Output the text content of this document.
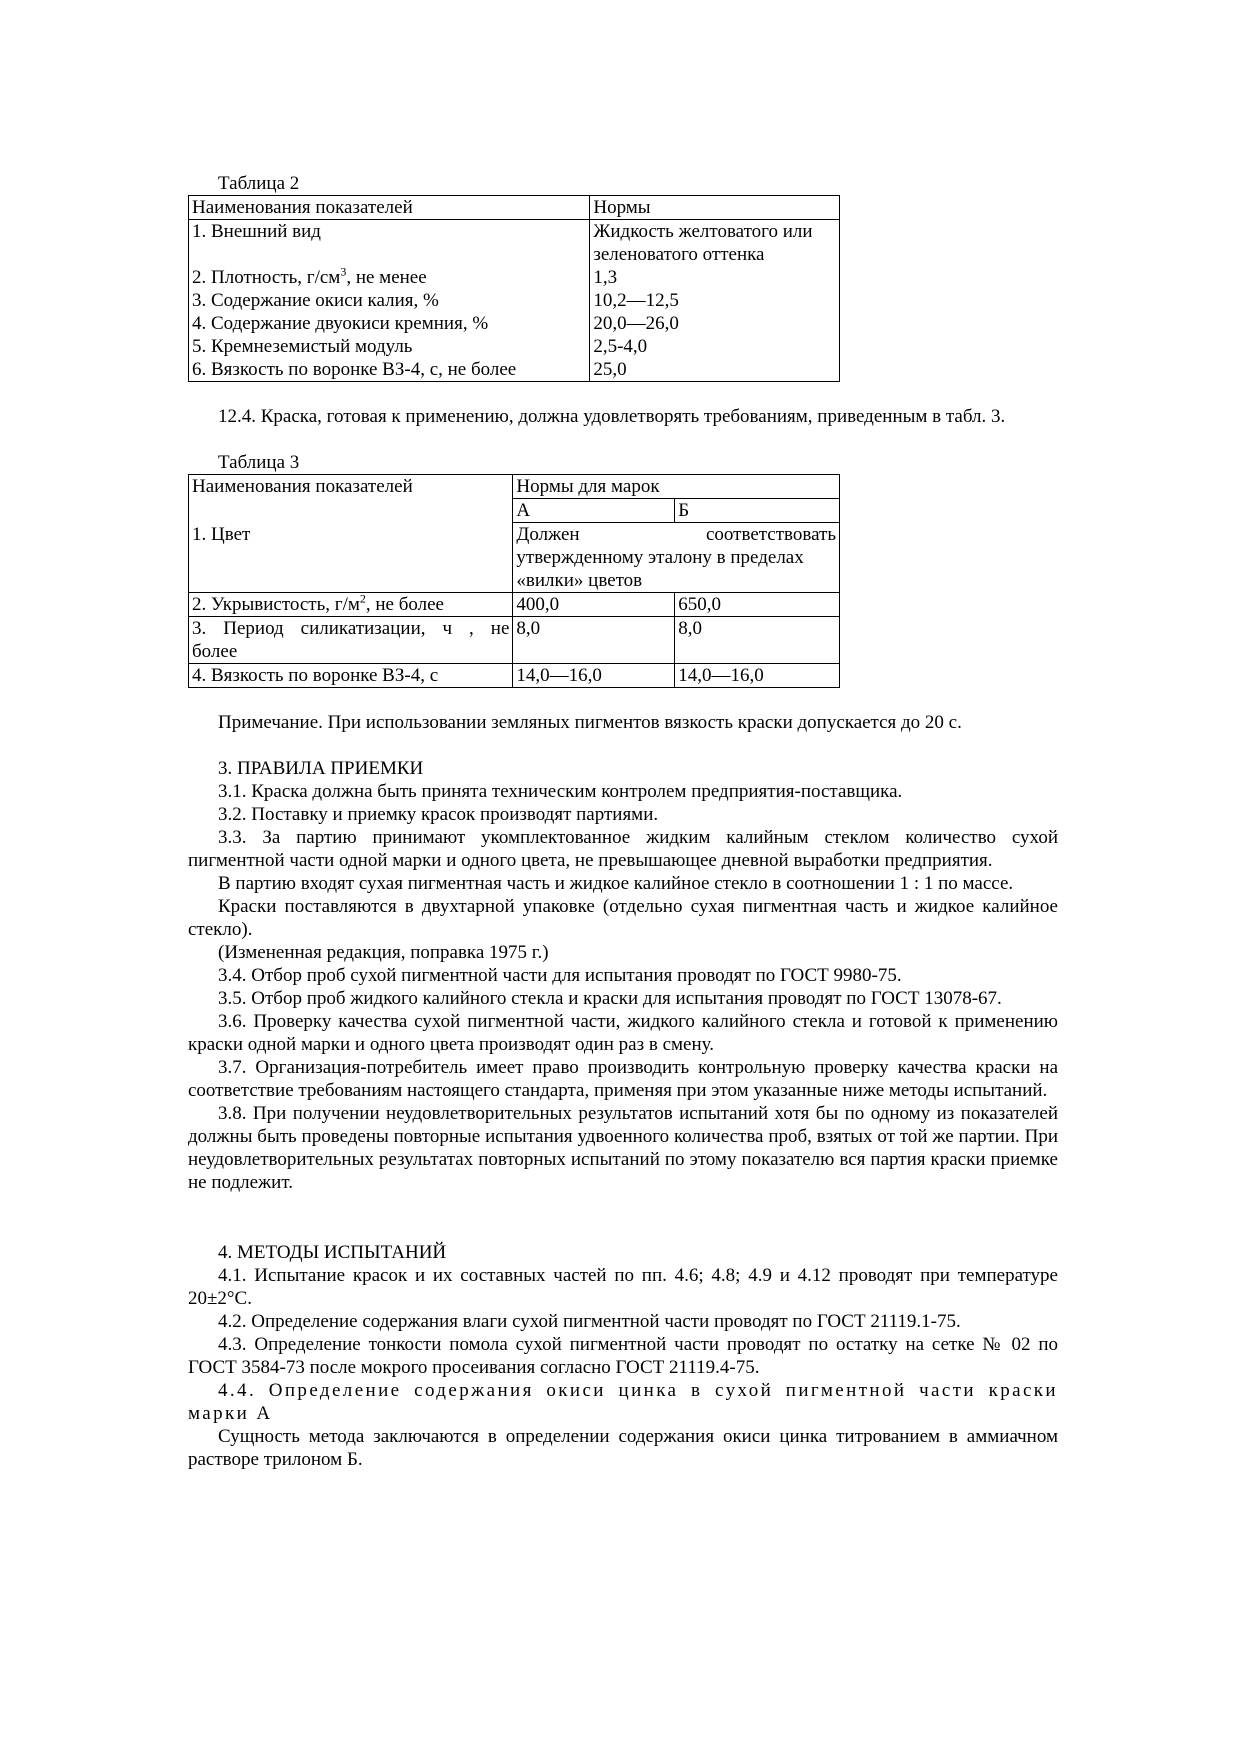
Таблица 2

Наименования показателей	Нормы
1. Внешний вид	Жидкость желтоватого или
зеленоватого оттенка
2. Плотность, $г/см^3$, не менее	1,3
3. Содержание окиси калия, %	10,2—12,5
4. Содержание двуокиси кремния, %	20,0—26,0
5. Кремнеземистый модуль	2,5-4,0
6. Вязкость по воронке ВЗ-4, с, не более	25,0

12.4. Краска, готовая к применению, должна удовлетворять требованиям, приведенным в табл. 3.

Таблица 3

Наименования показателей	Нормы для марок	
	А	Б
1. Цвет	Должен соответствовать
утвержденному эталону в пределах
«вилки» цветов	

2. Укрывистость, $г/м^2$, не более	400,0	650,0
3. Период силикатизации, ч , не более	8,0	8,0
4. Вязкость по воронке ВЗ-4, с	14,0—16,0	14,0—16,0

Примечание. При использовании земляных пигментов вязкость краски допускается до 20 с.

3. ПРАВИЛА ПРИЕМКИ

3.1. Краска должна быть принята техническим контролем предприятия-поставщика.

3.2. Поставку и приемку красок производят партиями.

3.3. За партию принимают укомплектованное жидким калийным стеклом количество сухой пигментной части одной марки и одного цвета, не превышающее дневной выработки предприятия.

В партию входят сухая пигментная часть и жидкое калийное стекло в соотношении 1 : 1 по массе.

Краски поставляются в двухтарной упаковке (отдельно сухая пигментная часть и жидкое калийное стекло).

(Измененная редакция, поправка 1975 г.)

3.4. Отбор проб сухой пигментной части для испытания проводят по ГОСТ 9980-75.

3.5. Отбор проб жидкого калийного стекла и краски для испытания проводят по ГОСТ 13078-67.

3.6. Проверку качества сухой пигментной части, жидкого калийного стекла и готовой к применению краски одной марки и одного цвета производят один раз в смену.

3.7. Организация-потребитель имеет право производить контрольную проверку качества краски на соответствие требованиям настоящего стандарта, применяя при этом указанные ниже методы испытаний.

3.8. При получении неудовлетворительных результатов испытаний хотя бы по одному из показателей должны быть проведены повторные испытания удвоенного количества проб, взятых от той же партии. При неудовлетворительных результатах повторных испытаний по этому показателю вся партия краски приемке не подлежит.

4. МЕТОДЫ ИСПЫТАНИЙ

4.1. Испытание красок и их составных частей по пп. 4.6; 4.8; 4.9 и 4.12 проводят при температуре 20±2°С.

4.2. Определение содержания влаги сухой пигментной части проводят по ГОСТ 21119.1-75.

4.3. Определение тонкости помола сухой пигментной части проводят по остатку на сетке № 02 по ГОСТ 3584-73 после мокрого просеивания согласно ГОСТ 21119.4-75.

4.4. Определение содержания окиси цинка в сухой пигментной части краски марки А

Сущность метода заключаются в определении содержания окиси цинка титрованием в аммиачном растворе трилоном Б.
